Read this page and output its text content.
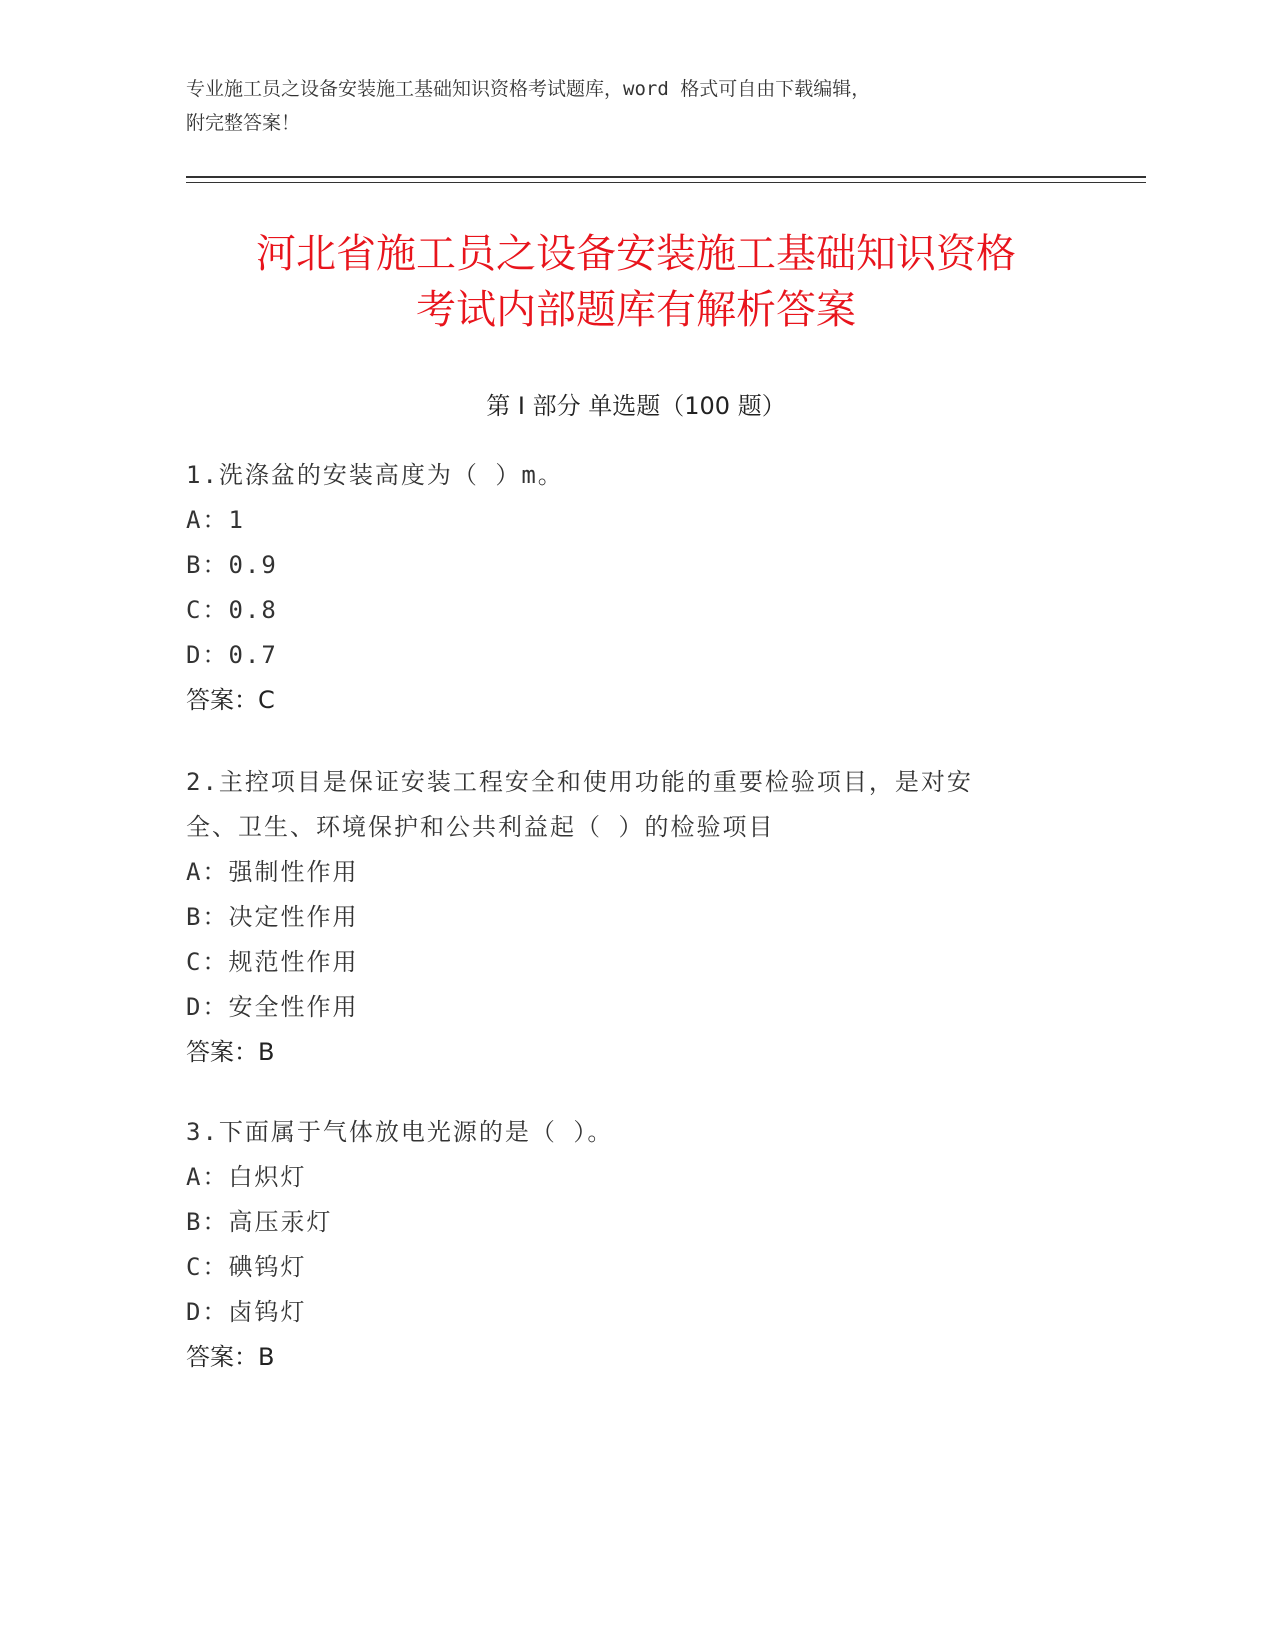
专业施工员之设备安装施工基础知识资格考试题库，word 格式可自由下载编辑，
附完整答案！
河北省施工员之设备安装施工基础知识资格
考试内部题库有解析答案
第 I 部分 单选题（100 题）
1.洗涤盆的安装高度为（ ）m。
A：1
B：0.9
C：0.8
D：0.7
答案：C
2.主控项目是保证安装工程安全和使用功能的重要检验项目，是对安
全、卫生、环境保护和公共利益起（ ）的检验项目
A：强制性作用
B：决定性作用
C：规范性作用
D：安全性作用
答案：B
3.下面属于气体放电光源的是（ ）。
A：白炽灯
B：高压汞灯
C：碘钨灯
D：卤钨灯
答案：B
